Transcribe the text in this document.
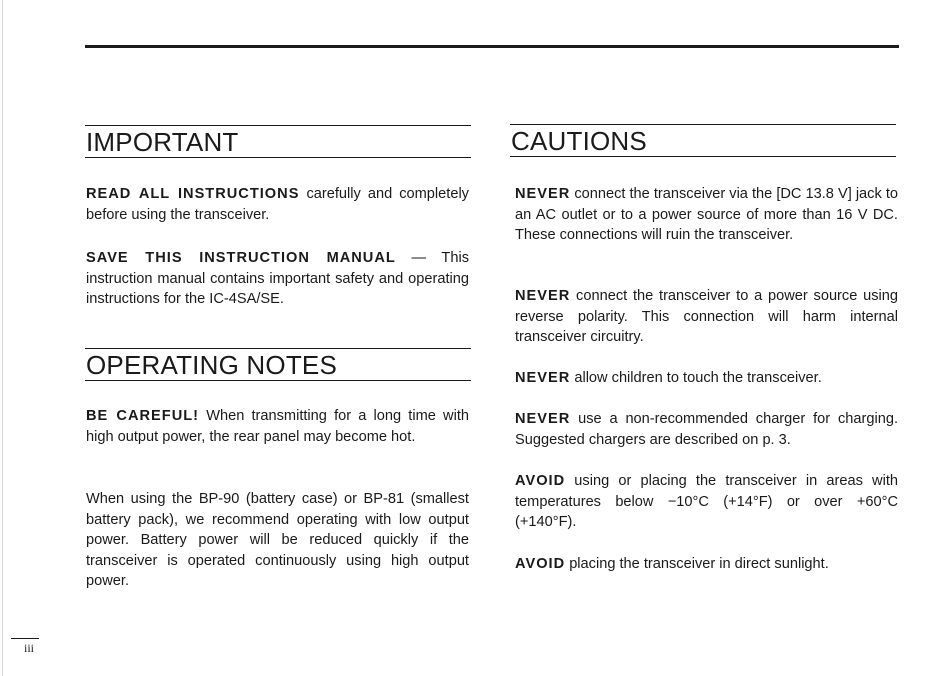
IMPORTANT

READ ALL INSTRUCTIONS carefully and completely before using the transceiver.

SAVE THIS INSTRUCTION MANUAL — This instruction manual contains important safety and operating instructions for the IC-4SA/SE.

OPERATING NOTES

BE CAREFUL! When transmitting for a long time with high output power, the rear panel may become hot.

When using the BP-90 (battery case) or BP-81 (smallest battery pack), we recommend operating with low output power. Battery power will be reduced quickly if the transceiver is operated continuously using high output power.

CAUTIONS

NEVER connect the transceiver via the [DC 13.8 V] jack to an AC outlet or to a power source of more than 16 V DC. These connections will ruin the transceiver.

NEVER connect the transceiver to a power source using reverse polarity. This connection will harm internal transceiver circuitry.

NEVER allow children to touch the transceiver.

NEVER use a non-recommended charger for charging. Suggested chargers are described on p. 3.

AVOID using or placing the transceiver in areas with temperatures below −10°C (+14°F) or over +60°C (+140°F).

AVOID placing the transceiver in direct sunlight.

iii
